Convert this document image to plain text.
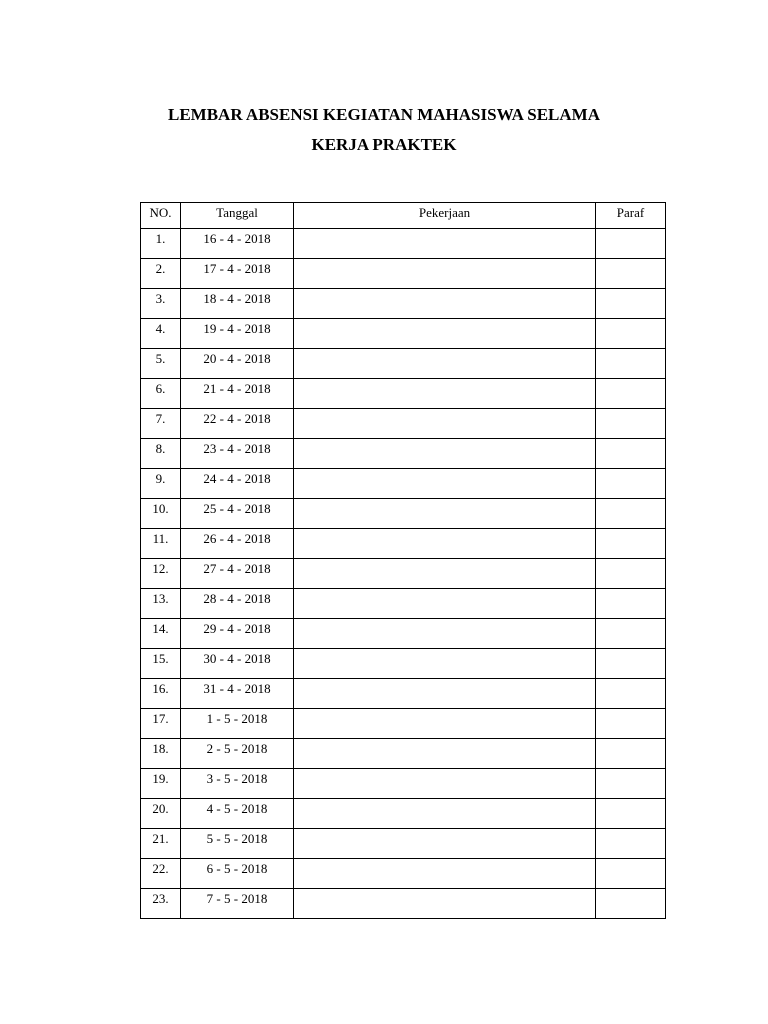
LEMBAR ABSENSI KEGIATAN MAHASISWA SELAMA
KERJA PRAKTEK
NO.	Tanggal	Pekerjaan	Paraf
1.	16 - 4 - 2018		
2.	17 - 4 - 2018		
3.	18 - 4 - 2018		
4.	19 - 4 - 2018		
5.	20 - 4 - 2018		
6.	21 - 4 - 2018		
7.	22 - 4 - 2018		
8.	23 - 4 - 2018		
9.	24 - 4 - 2018		
10.	25 - 4 - 2018		
11.	26 - 4 - 2018		
12.	27 - 4 - 2018		
13.	28 - 4 - 2018		
14.	29 - 4 - 2018		
15.	30 - 4 - 2018		
16.	31 - 4 - 2018		
17.	1 - 5 - 2018		
18.	2 - 5 - 2018		
19.	3 - 5 - 2018		
20.	4 - 5 - 2018		
21.	5 - 5 - 2018		
22.	6 - 5 - 2018		
23.	7 - 5 - 2018		
